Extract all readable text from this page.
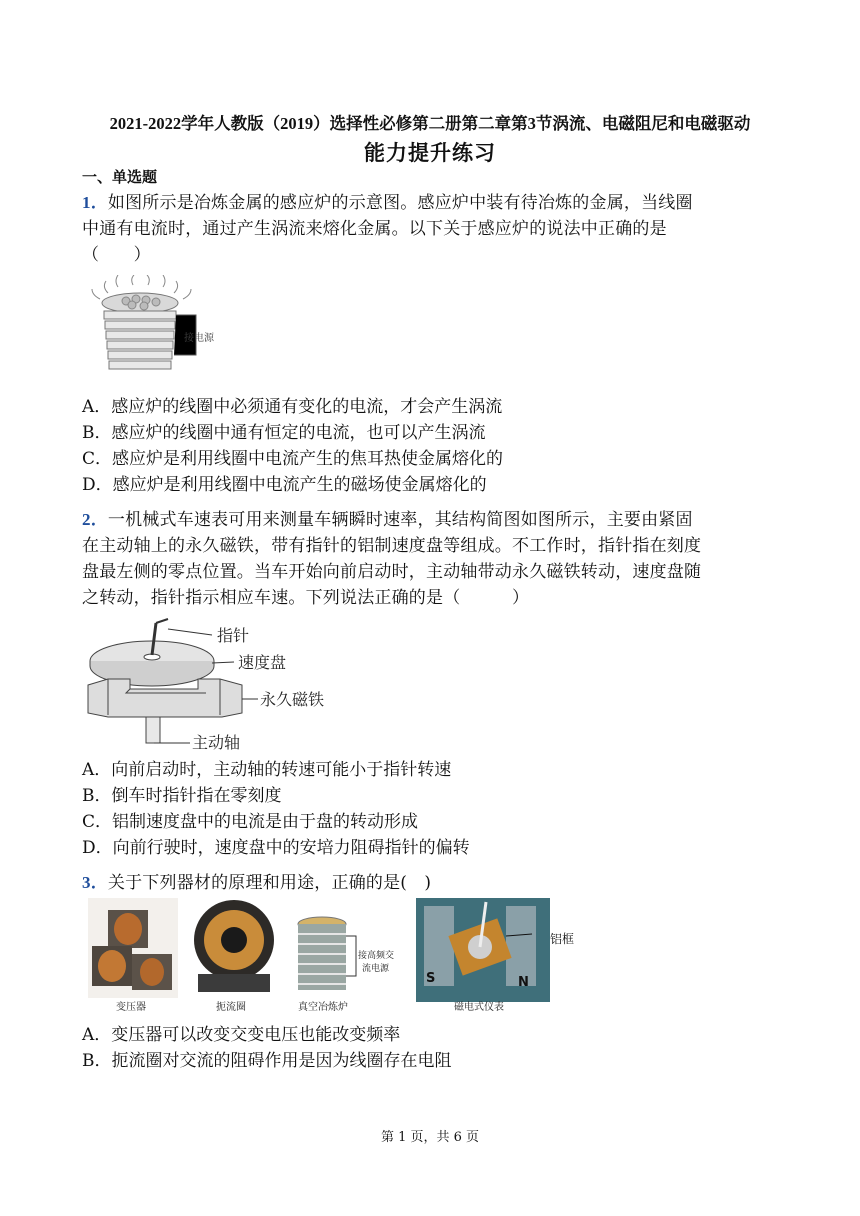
2021-2022学年人教版（2019）选择性必修第二册第二章第3节涡流、电磁阻尼和电磁驱动
能力提升练习
一、单选题
1．如图所示是冶炼金属的感应炉的示意图。感应炉中装有待冶炼的金属，当线圈
中通有电流时，通过产生涡流来熔化金属。以下关于感应炉的说法中正确的是
（　　）
接电源
A．感应炉的线圈中必须通有变化的电流，才会产生涡流
B．感应炉的线圈中通有恒定的电流，也可以产生涡流
C．感应炉是利用线圈中电流产生的焦耳热使金属熔化的
D．感应炉是利用线圈中电流产生的磁场使金属熔化的
2．一机械式车速表可用来测量车辆瞬时速率，其结构简图如图所示，主要由紧固
在主动轴上的永久磁铁，带有指针的铝制速度盘等组成。不工作时，指针指在刻度
盘最左侧的零点位置。当车开始向前启动时，主动轴带动永久磁铁转动，速度盘随
之转动，指针指示相应车速。下列说法正确的是（　　　）
指针
速度盘
永久磁铁
主动轴
A．向前启动时，主动轴的转速可能小于指针转速
B．倒车时指针指在零刻度
C．铝制速度盘中的电流是由于盘的转动形成
D．向前行驶时，速度盘中的安培力阻碍指针的偏转
3．关于下列器材的原理和用途，正确的是(　)
变压器	扼流圈
接高频交
流电源
真空冶炼炉
S	N
磁电式仪表
铝框
A．变压器可以改变交变电压也能改变频率
B．扼流圈对交流的阻碍作用是因为线圈存在电阻
第 1 页，共 6 页
